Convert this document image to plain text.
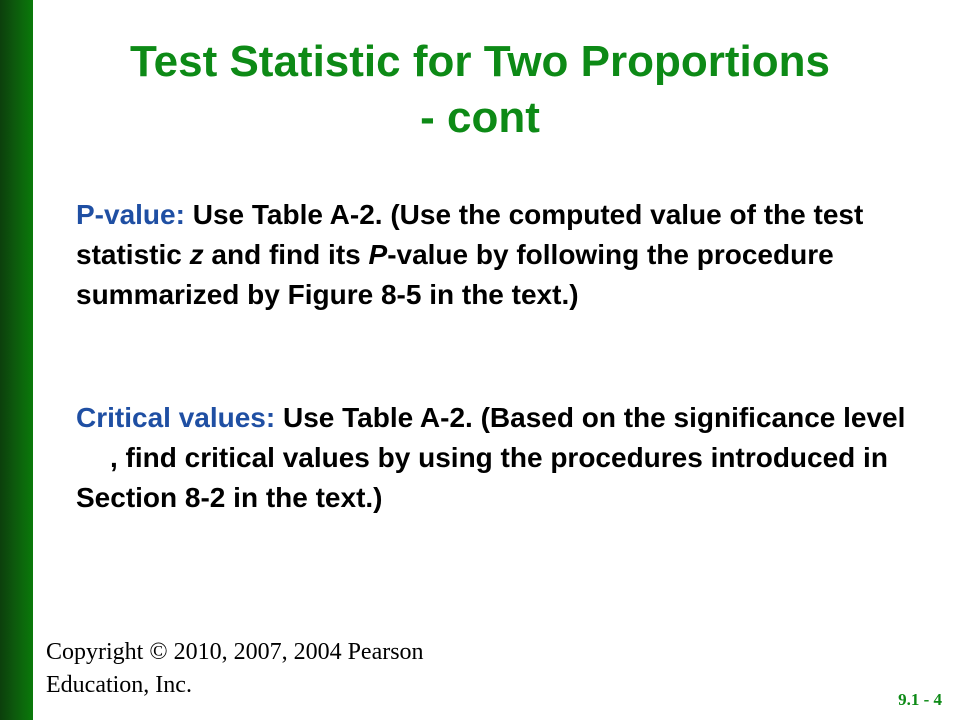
Test Statistic for Two Proportions
- cont
P-value: Use Table A-2. (Use the computed value of the test statistic z and find its P-value by following the procedure summarized by Figure 8-5 in the text.)
Critical values: Use Table A-2. (Based on the significance level , find critical values by using the procedures introduced in Section 8-2 in the text.)
Copyright © 2010, 2007, 2004 Pearson
Education, Inc.
9.1 - 4
